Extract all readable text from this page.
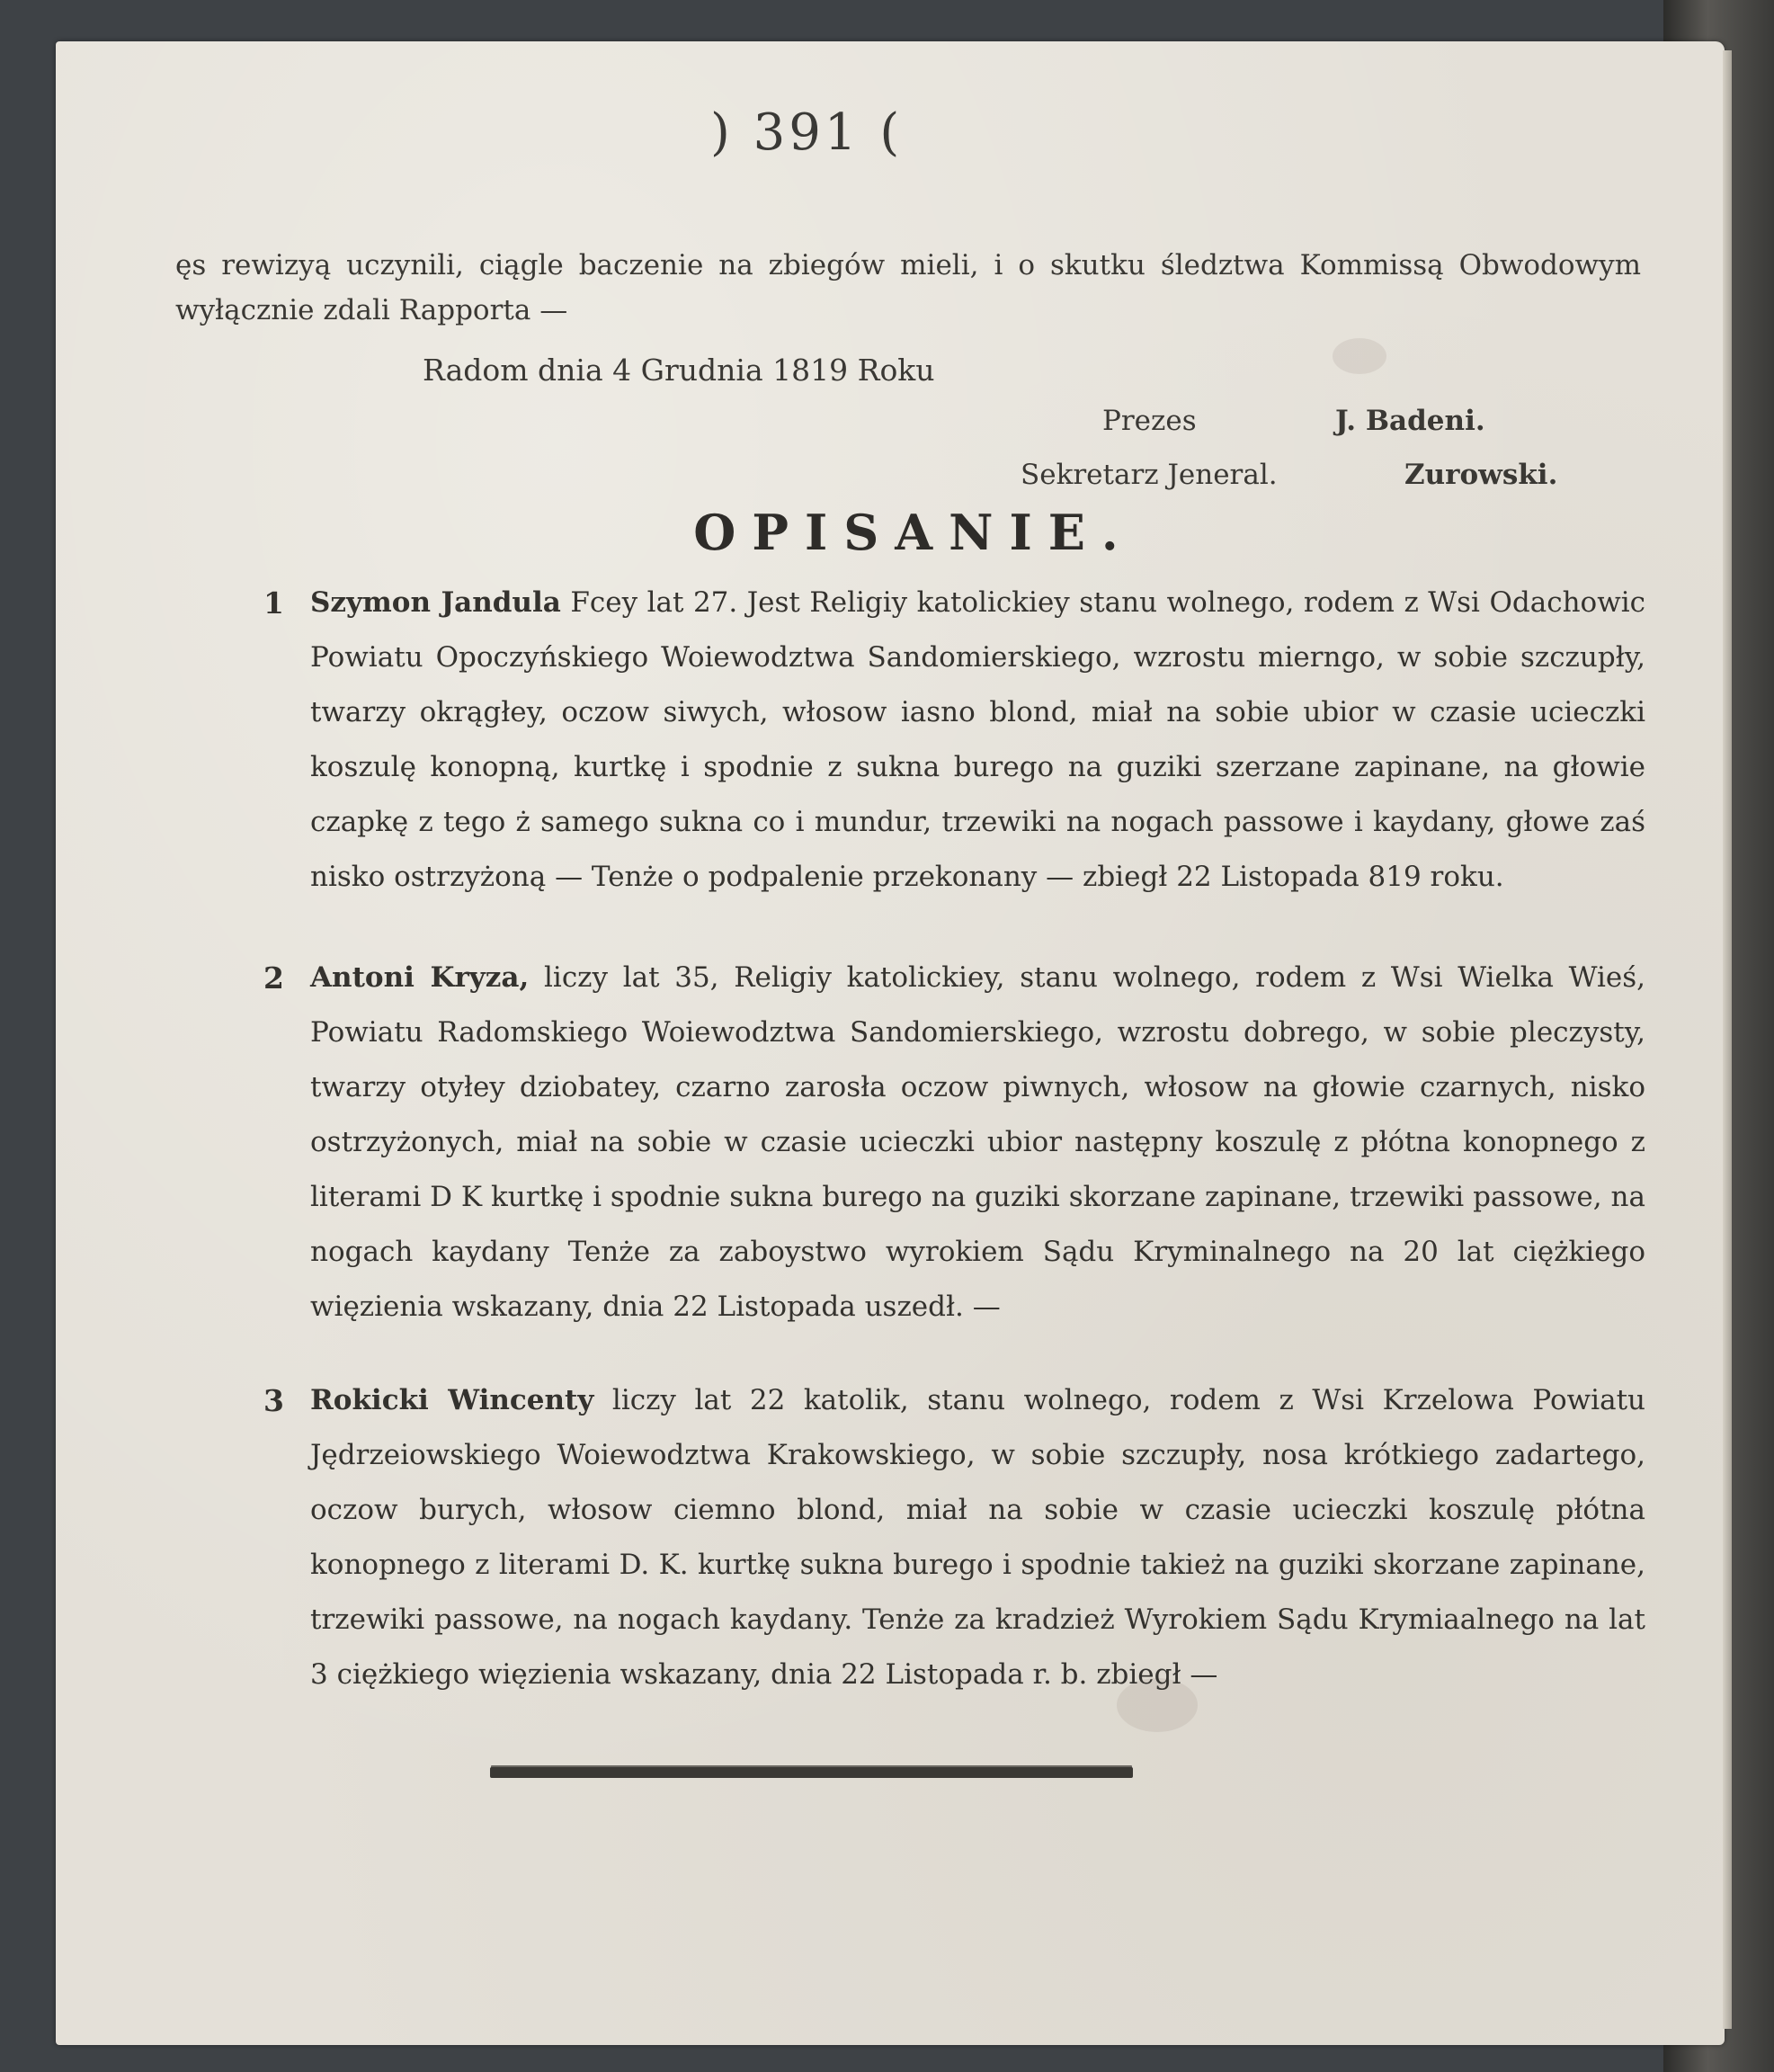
) 391 (
ęs rewizyą uczynili, ciągle baczenie na zbiegów mieli, i o skutku śledztwa Kommissą Obwodowym wyłącznie zdali Rapporta —
Radom dnia 4 Grudnia 1819 Roku
Prezes	J. Badeni.
Sekretarz Jeneral.	Zurowski.
OPISANIE.
1 Szymon Jandula Fcey lat 27. Jest Religiy katolickiey stanu wolnego, rodem z Wsi Odachowic Powiatu Opoczyńskiego Woiewodztwa Sandomierskiego, wzrostu mierngo, w sobie szczupły, twarzy okrągłey, oczow siwych, włosow iasno blond, miał na sobie ubior w czasie ucieczki koszulę konopną, kurtkę i spodnie z sukna burego na guziki szerzane zapinane, na głowie czapkę z tego ż samego sukna co i mundur, trzewiki na nogach passowe i kaydany, głowe zaś nisko ostrzyżoną — Tenże o podpalenie przekonany — zbiegł 22 Listopada 819 roku.

2 Antoni Kryza, liczy lat 35, Religiy katolickiey, stanu wolnego, rodem z Wsi Wielka Wieś, Powiatu Radomskiego Woiewodztwa Sandomierskiego, wzrostu dobrego, w sobie pleczysty, twarzy otyłey dziobatey, czarno zarosła oczow piwnych, włosow na głowie czarnych, nisko ostrzyżonych, miał na sobie w czasie ucieczki ubior następny koszulę z płótna konopnego z literami D K kurtkę i spodnie sukna burego na guziki skorzane zapinane, trzewiki passowe, na nogach kaydany Tenże za zaboystwo wyrokiem Sądu Kryminalnego na 20 lat ciężkiego więzienia wskazany, dnia 22 Listopada uszedł. —

3 Rokicki Wincenty liczy lat 22 katolik, stanu wolnego, rodem z Wsi Krzelowa Powiatu Jędrzeiowskiego Woiewodztwa Krakowskiego, w sobie szczupły, nosa krótkiego zadartego, oczow burych, włosow ciemno blond, miał na sobie w czasie ucieczki koszulę płótna konopnego z literami D. K. kurtkę sukna burego i spodnie takież na guziki skorzane zapinane, trzewiki passowe, na nogach kaydany. Tenże za kradzież Wyrokiem Sądu Krymiaalnego na lat 3 ciężkiego więzienia wskazany, dnia 22 Listopada r. b. zbiegł —
